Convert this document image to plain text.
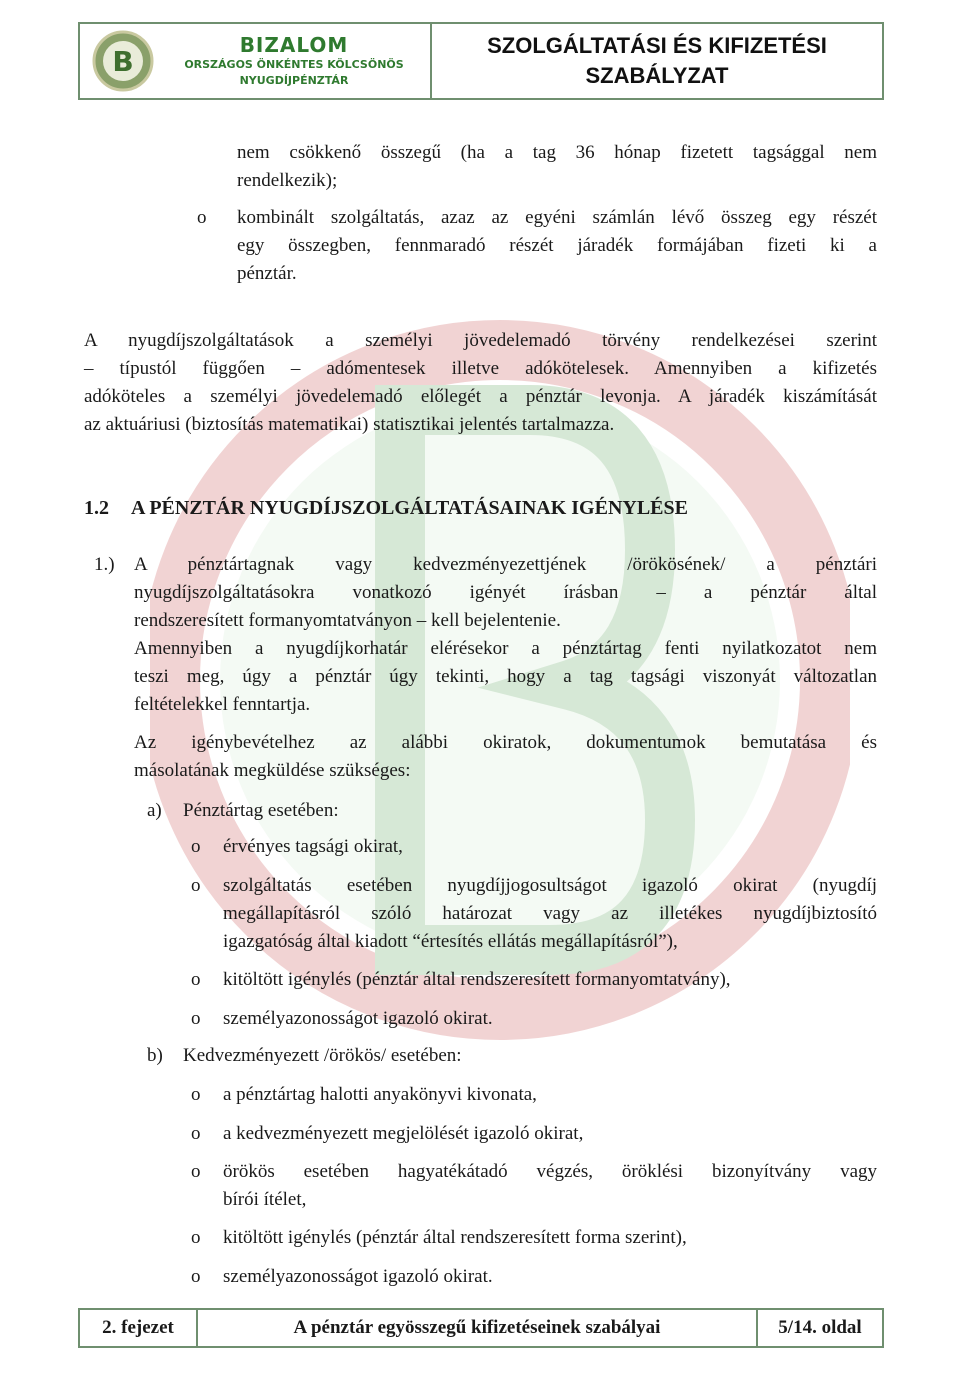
B	BIZALOM
ORSZÁGOS ÖNKÉNTES KÖLCSÖNÖS
NYUGDÍJPÉNZTÁR
SZOLGÁLTATÁSI ÉS KIFIZETÉSI
SZABÁLYZAT
nem csökkenő összegű (ha a tag 36 hónap fizetett tagsággal nem
rendelkezik);
o kombinált szolgáltatás, azaz az egyéni számlán lévő összeg egy részét
egy összegben, fennmaradó részét járadék formájában fizeti ki a
pénztár.
A nyugdíjszolgáltatások a személyi jövedelemadó törvény rendelkezései szerint
– típustól függően – adómentesek illetve adókötelesek. Amennyiben a kifizetés
adóköteles a személyi jövedelemadó előlegét a pénztár levonja. A járadék kiszámítását
az aktuáriusi (biztosítás matematikai) statisztikai jelentés tartalmazza.
1.2 A PÉNZTÁR NYUGDÍJSZOLGÁLTATÁSAINAK IGÉNYLÉSE
1.) A pénztártagnak vagy kedvezményezettjének /örökösének/ a pénztári
nyugdíjszolgáltatásokra vonatkozó igényét írásban – a pénztár által
rendszeresített formanyomtatványon – kell bejelentenie.
Amennyiben a nyugdíjkorhatár elérésekor a pénztártag fenti nyilatkozatot nem
teszi meg, úgy a pénztár úgy tekinti, hogy a tag tagsági viszonyát változatlan
feltételekkel fenntartja.
Az igénybevételhez az alábbi okiratok, dokumentumok bemutatása és
másolatának megküldése szükséges:
a) Pénztártag esetében:
o érvényes tagsági okirat,
o szolgáltatás esetében nyugdíjjogosultságot igazoló okirat (nyugdíj
megállapításról szóló határozat vagy az illetékes nyugdíjbiztosító
igazgatóság által kiadott “értesítés ellátás megállapításról”),
o kitöltött igénylés (pénztár által rendszeresített formanyomtatvány),
o személyazonosságot igazoló okirat.
b) Kedvezményezett /örökös/ esetében:
o a pénztártag halotti anyakönyvi kivonata,
o a kedvezményezett megjelölését igazoló okirat,
o örökös esetében hagyatékátadó végzés, öröklési bizonyítvány vagy
bírói ítélet,
o kitöltött igénylés (pénztár által rendszeresített forma szerint),
o személyazonosságot igazoló okirat.
2. fejezet	A pénztár egyösszegű kifizetéseinek szabályai	5/14. oldal
